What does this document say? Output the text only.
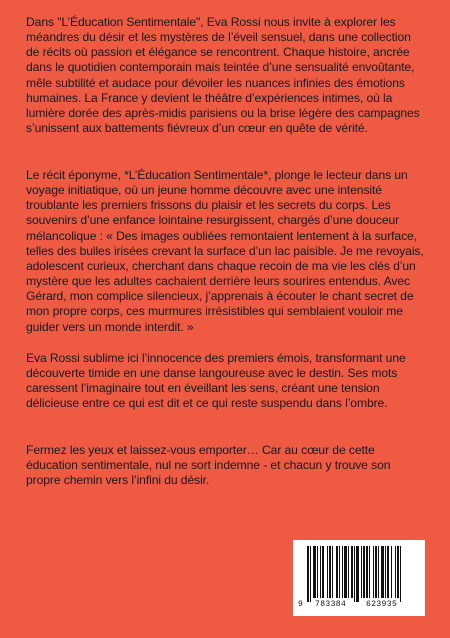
Dans "L’Éducation Sentimentale", Eva Rossi nous invite à explorer les méandres du désir et les mystères de l’éveil sensuel, dans une collection de récits où passion et élégance se rencontrent. Chaque histoire, ancrée dans le quotidien contemporain mais teintée d’une sensualité envoûtante, mêle subtilité et audace pour dévoiler les nuances infinies des émotions humaines. La France y devient le théâtre d’expériences intimes, où la lumière dorée des après-midis parisiens ou la brise légère des campagnes s’unissent aux battements fiévreux d’un cœur en quête de vérité.

Le récit éponyme, *L’Éducation Sentimentale*, plonge le lecteur dans un voyage initiatique, où un jeune homme découvre avec une intensité troublante les premiers frissons du plaisir et les secrets du corps. Les souvenirs d’une enfance lointaine resurgissent, chargés d’une douceur mélancolique : « Des images oubliées remontaient lentement à la surface, telles des bulles irisées crevant la surface d’un lac paisible. Je me revoyais, adolescent curieux, cherchant dans chaque recoin de ma vie les clés d’un mystère que les adultes cachaient derrière leurs sourires entendus. Avec Gérard, mon complice silencieux, j’apprenais à écouter le chant secret de mon propre corps, ces murmures irrésistibles qui semblaient vouloir me guider vers un monde interdit. »

Eva Rossi sublime ici l’innocence des premiers émois, transformant une découverte timide en une danse langoureuse avec le destin. Ses mots caressent l’imaginaire tout en éveillant les sens, créant une tension délicieuse entre ce qui est dit et ce qui reste suspendu dans l’ombre.

Fermez les yeux et laissez-vous emporter… Car au cœur de cette éducation sentimentale, nul ne sort indemne - et chacun y trouve son propre chemin vers l’infini du désir.

9 783384 623935
